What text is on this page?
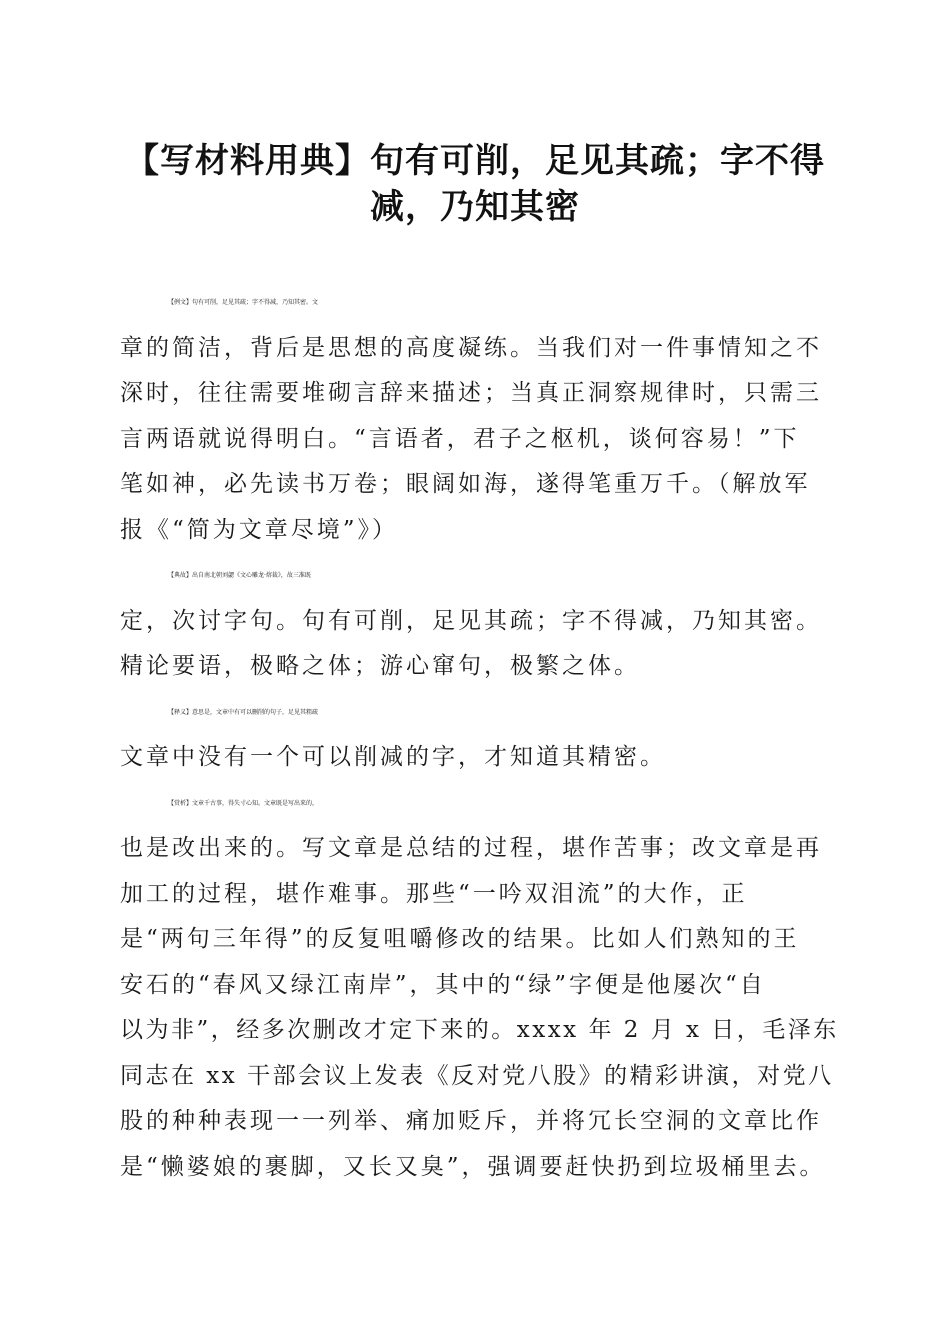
【写材料用典】句有可削，足见其疏；字不得
减，乃知其密

【例文】句有可削，足见其疏；字不得减，乃知其密。文
章的简洁，背后是思想的高度凝练。当我们对一件事情知之不
深时，往往需要堆砌言辞来描述；当真正洞察规律时，只需三
言两语就说得明白。“言语者，君子之枢机，谈何容易！”下
笔如神，必先读书万卷；眼阔如海，遂得笔重万千。（解放军
报《“简为文章尽境”》）

【典故】出自南北朝刘勰《文心雕龙·熔裁》，故三准既
定，次讨字句。句有可削，足见其疏；字不得减，乃知其密。
精论要语，极略之体；游心窜句，极繁之体。

【释义】意思是，文章中有可以删削的句子，足见其粗疏
文章中没有一个可以削减的字，才知道其精密。

【赏析】文章千古事，得失寸心知。文章既是写出来的，
也是改出来的。写文章是总结的过程，堪作苦事；改文章是再
加工的过程，堪作难事。那些“一吟双泪流”的大作，正
是“两句三年得”的反复咀嚼修改的结果。比如人们熟知的王
安石的“春风又绿江南岸”，其中的“绿”字便是他屡次“自
以为非”，经多次删改才定下来的。xxxx 年 2 月 x 日，毛泽东
同志在 xx 干部会议上发表《反对党八股》的精彩讲演，对党八
股的种种表现一一列举、痛加贬斥，并将冗长空洞的文章比作
是“懒婆娘的裹脚，又长又臭”，强调要赶快扔到垃圾桶里去。
